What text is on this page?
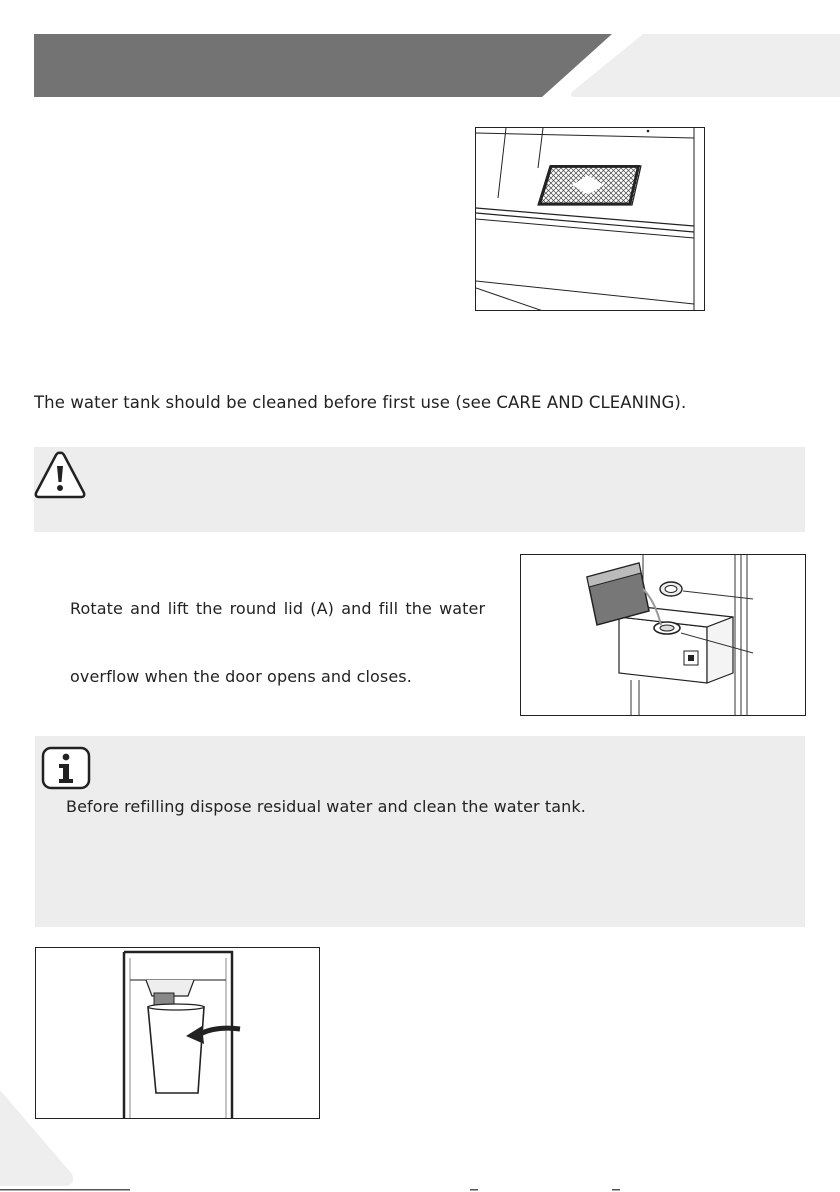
The water tank should be cleaned before first use (see CARE AND CLEANING).
Rotate and lift the round lid (A) and fill the water
overflow when the door opens and closes.
Before refilling dispose residual water and clean the water tank.
